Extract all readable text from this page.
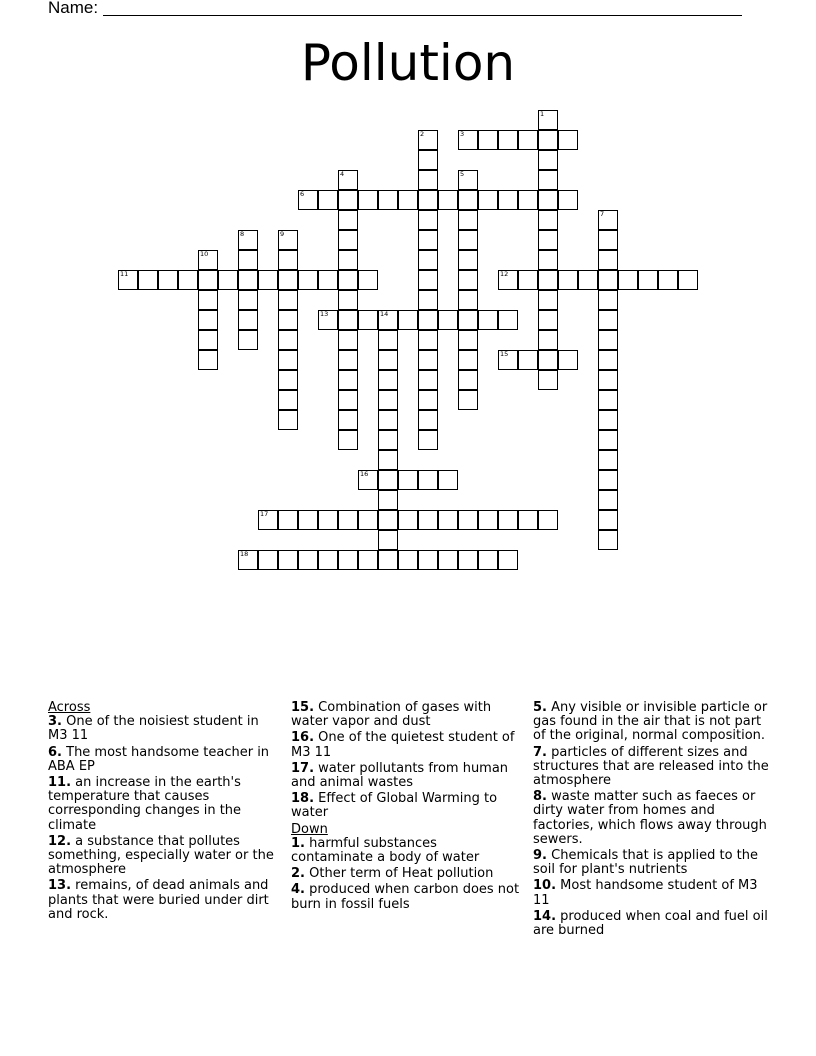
Name:
Pollution
1
2	3
4	5
6
7
8	9
10
11	12
13	14
15
16
17
18
Across
3. One of the noisiest student in M3 11
6. The most handsome teacher in ABA EP
11. an increase in the earth's temperature that causes corresponding changes in the climate
12. a substance that pollutes something, especially water or the atmosphere
13. remains, of dead animals and plants that were buried under dirt and rock.
15. Combination of gases with water vapor and dust
16. One of the quietest student of M3 11
17. water pollutants from human and animal wastes
18. Effect of Global Warming to water
Down
1. harmful substances contaminate a body of water
2. Other term of Heat pollution
4. produced when carbon does not burn in fossil fuels
5. Any visible or invisible particle or gas found in the air that is not part of the original, normal composition.
7. particles of different sizes and structures that are released into the atmosphere
8. waste matter such as faeces or dirty water from homes and factories, which flows away through sewers.
9. Chemicals that is applied to the soil for plant's nutrients
10. Most handsome student of M3 11
14. produced when coal and fuel oil are burned
